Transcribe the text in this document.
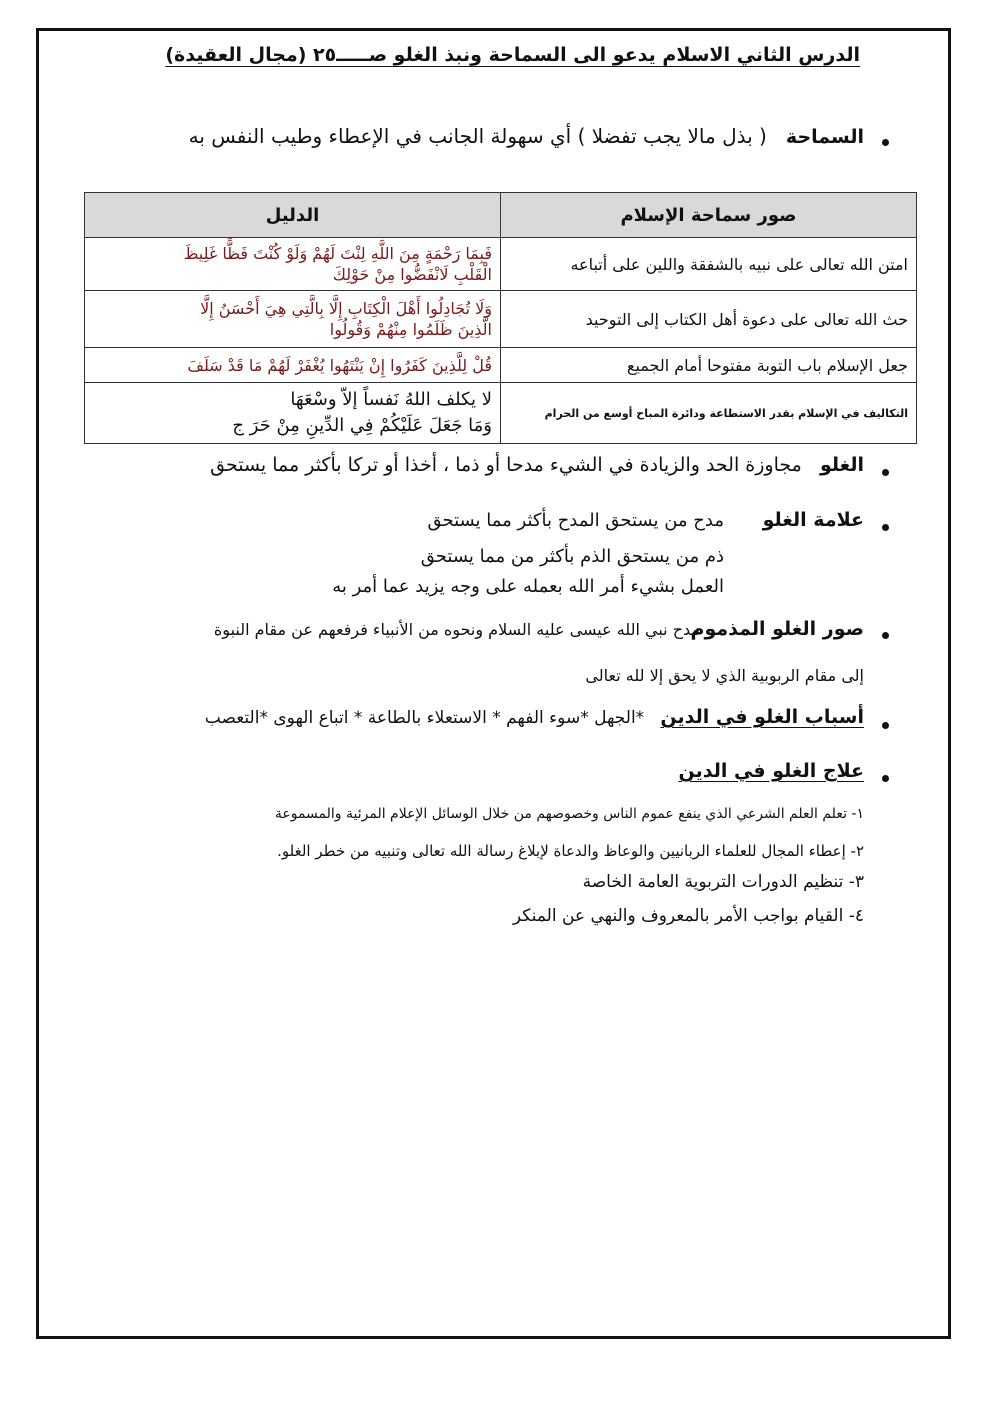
الدرس الثاني الاسلام يدعو الى السماحة ونبذ الغلو صـــــ٢٥ (مجال العقيدة)
السماحة   ( بذل مالا يجب تفضلا ) أي سهولة الجانب في الإعطاء وطيب النفس به
صور سماحة الإسلام	الدليل
امتن الله تعالى على نبيه بالشفقة واللين على أتباعه	فَبِمَا رَحْمَةٍ مِنَ اللَّهِ لِنْتَ لَهُمْ وَلَوْ كُنْتَ فَظًّا غَلِيظَ
الْقَلْبِ لَانْفَضُّوا مِنْ حَوْلِكَ

حث الله تعالى على دعوة أهل الكتاب إلى التوحيد	وَلَا تُجَادِلُوا أَهْلَ الْكِتَابِ إِلَّا بِالَّتِي هِيَ أَحْسَنُ إِلَّا
الَّذِينَ ظَلَمُوا مِنْهُمْ وَقُولُوا

جعل الإسلام باب التوبة مفتوحا أمام الجميع	قُلْ لِلَّذِينَ كَفَرُوا إِنْ يَنْتَهُوا يُغْفَرْ لَهُمْ مَا قَدْ سَلَفَ

التكاليف في الإسلام بقدر الاستطاعة ودائرة المباح أوسع من الحرام	لا يكلف اللهُ نَفساً إلاّ وسْعَهَا
وَمَا جَعَلَ عَلَيْكُمْ فِي الدِّينِ مِنْ حَرَ ج
الغلو   مجاوزة الحد والزيادة في الشيء مدحا أو ذما ، أخذا أو تركا بأكثر مما يستحق
علامة الغلو
مدح من يستحق المدح بأكثر مما يستحق
ذم من يستحق الذم بأكثر من مما يستحق
العمل بشيء أمر الله بعمله على وجه يزيد عما أمر به
صور الغلو المذموم
مدح نبي الله عيسى عليه السلام ونحوه من الأنبياء فرفعهم عن مقام النبوة
إلى مقام الربوبية الذي لا يحق إلا لله تعالى
أسباب الغلو في الدين   *الجهل *سوء الفهم * الاستعلاء بالطاعة * اتباع الهوى *التعصب
علاج الغلو في الدين
١- تعلم العلم الشرعي الذي ينفع عموم الناس وخصوصهم من خلال الوسائل الإعلام المرئية والمسموعة
٢- إعطاء المجال للعلماء الربانيين والوعاظ والدعاة لإبلاغ رسالة الله تعالى وتنبيه من خطر الغلو.
٣- تنظيم الدورات التربوية العامة الخاصة
٤- القيام بواجب الأمر بالمعروف والنهي عن المنكر
